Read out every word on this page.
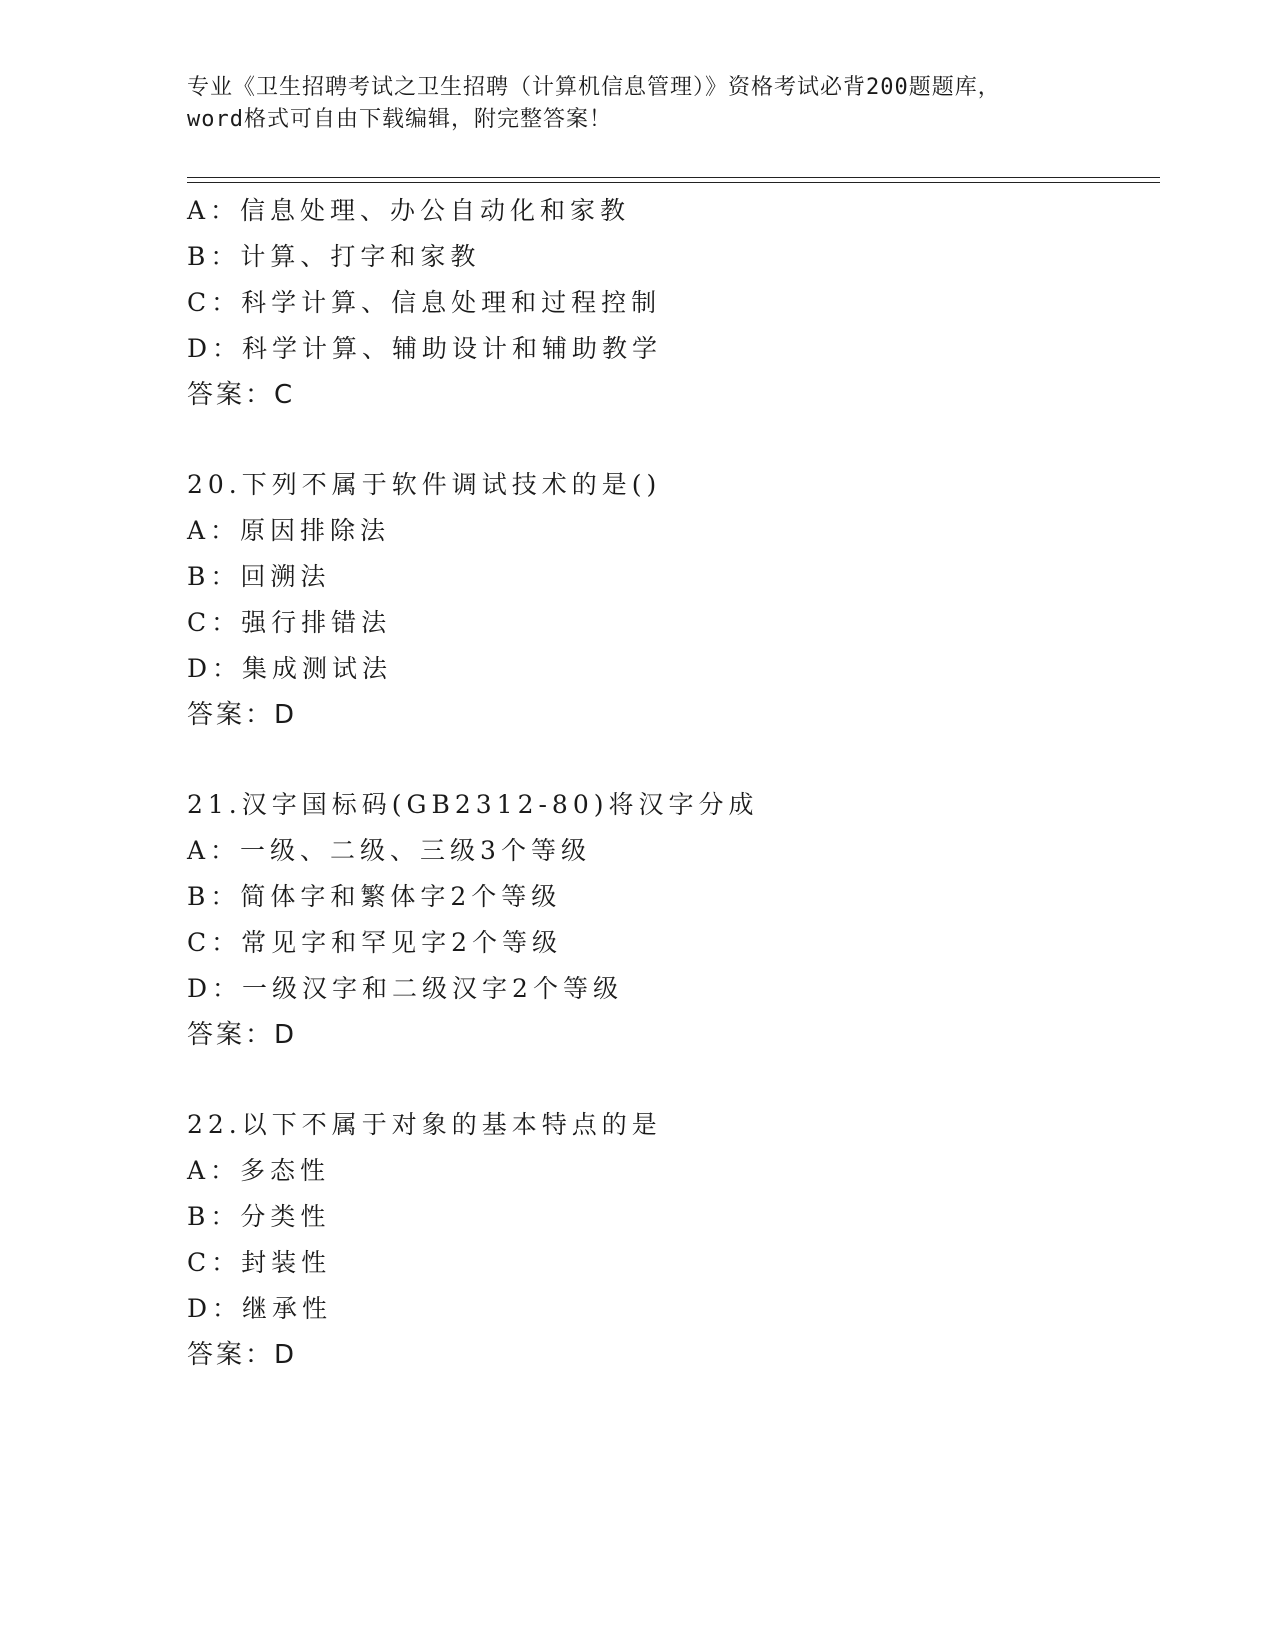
专业《卫生招聘考试之卫生招聘（计算机信息管理）》资格考试必背200题题库，
word格式可自由下载编辑，附完整答案！
A：信息处理、办公自动化和家教
B：计算、打字和家教
C：科学计算、信息处理和过程控制
D：科学计算、辅助设计和辅助教学
答案：C
20.下列不属于软件调试技术的是()
A：原因排除法
B：回溯法
C：强行排错法
D：集成测试法
答案：D
21.汉字国标码(GB2312-80)将汉字分成
A：一级、二级、三级3个等级
B：简体字和繁体字2个等级
C：常见字和罕见字2个等级
D：一级汉字和二级汉字2个等级
答案：D
22.以下不属于对象的基本特点的是
A：多态性
B：分类性
C：封装性
D：继承性
答案：D
